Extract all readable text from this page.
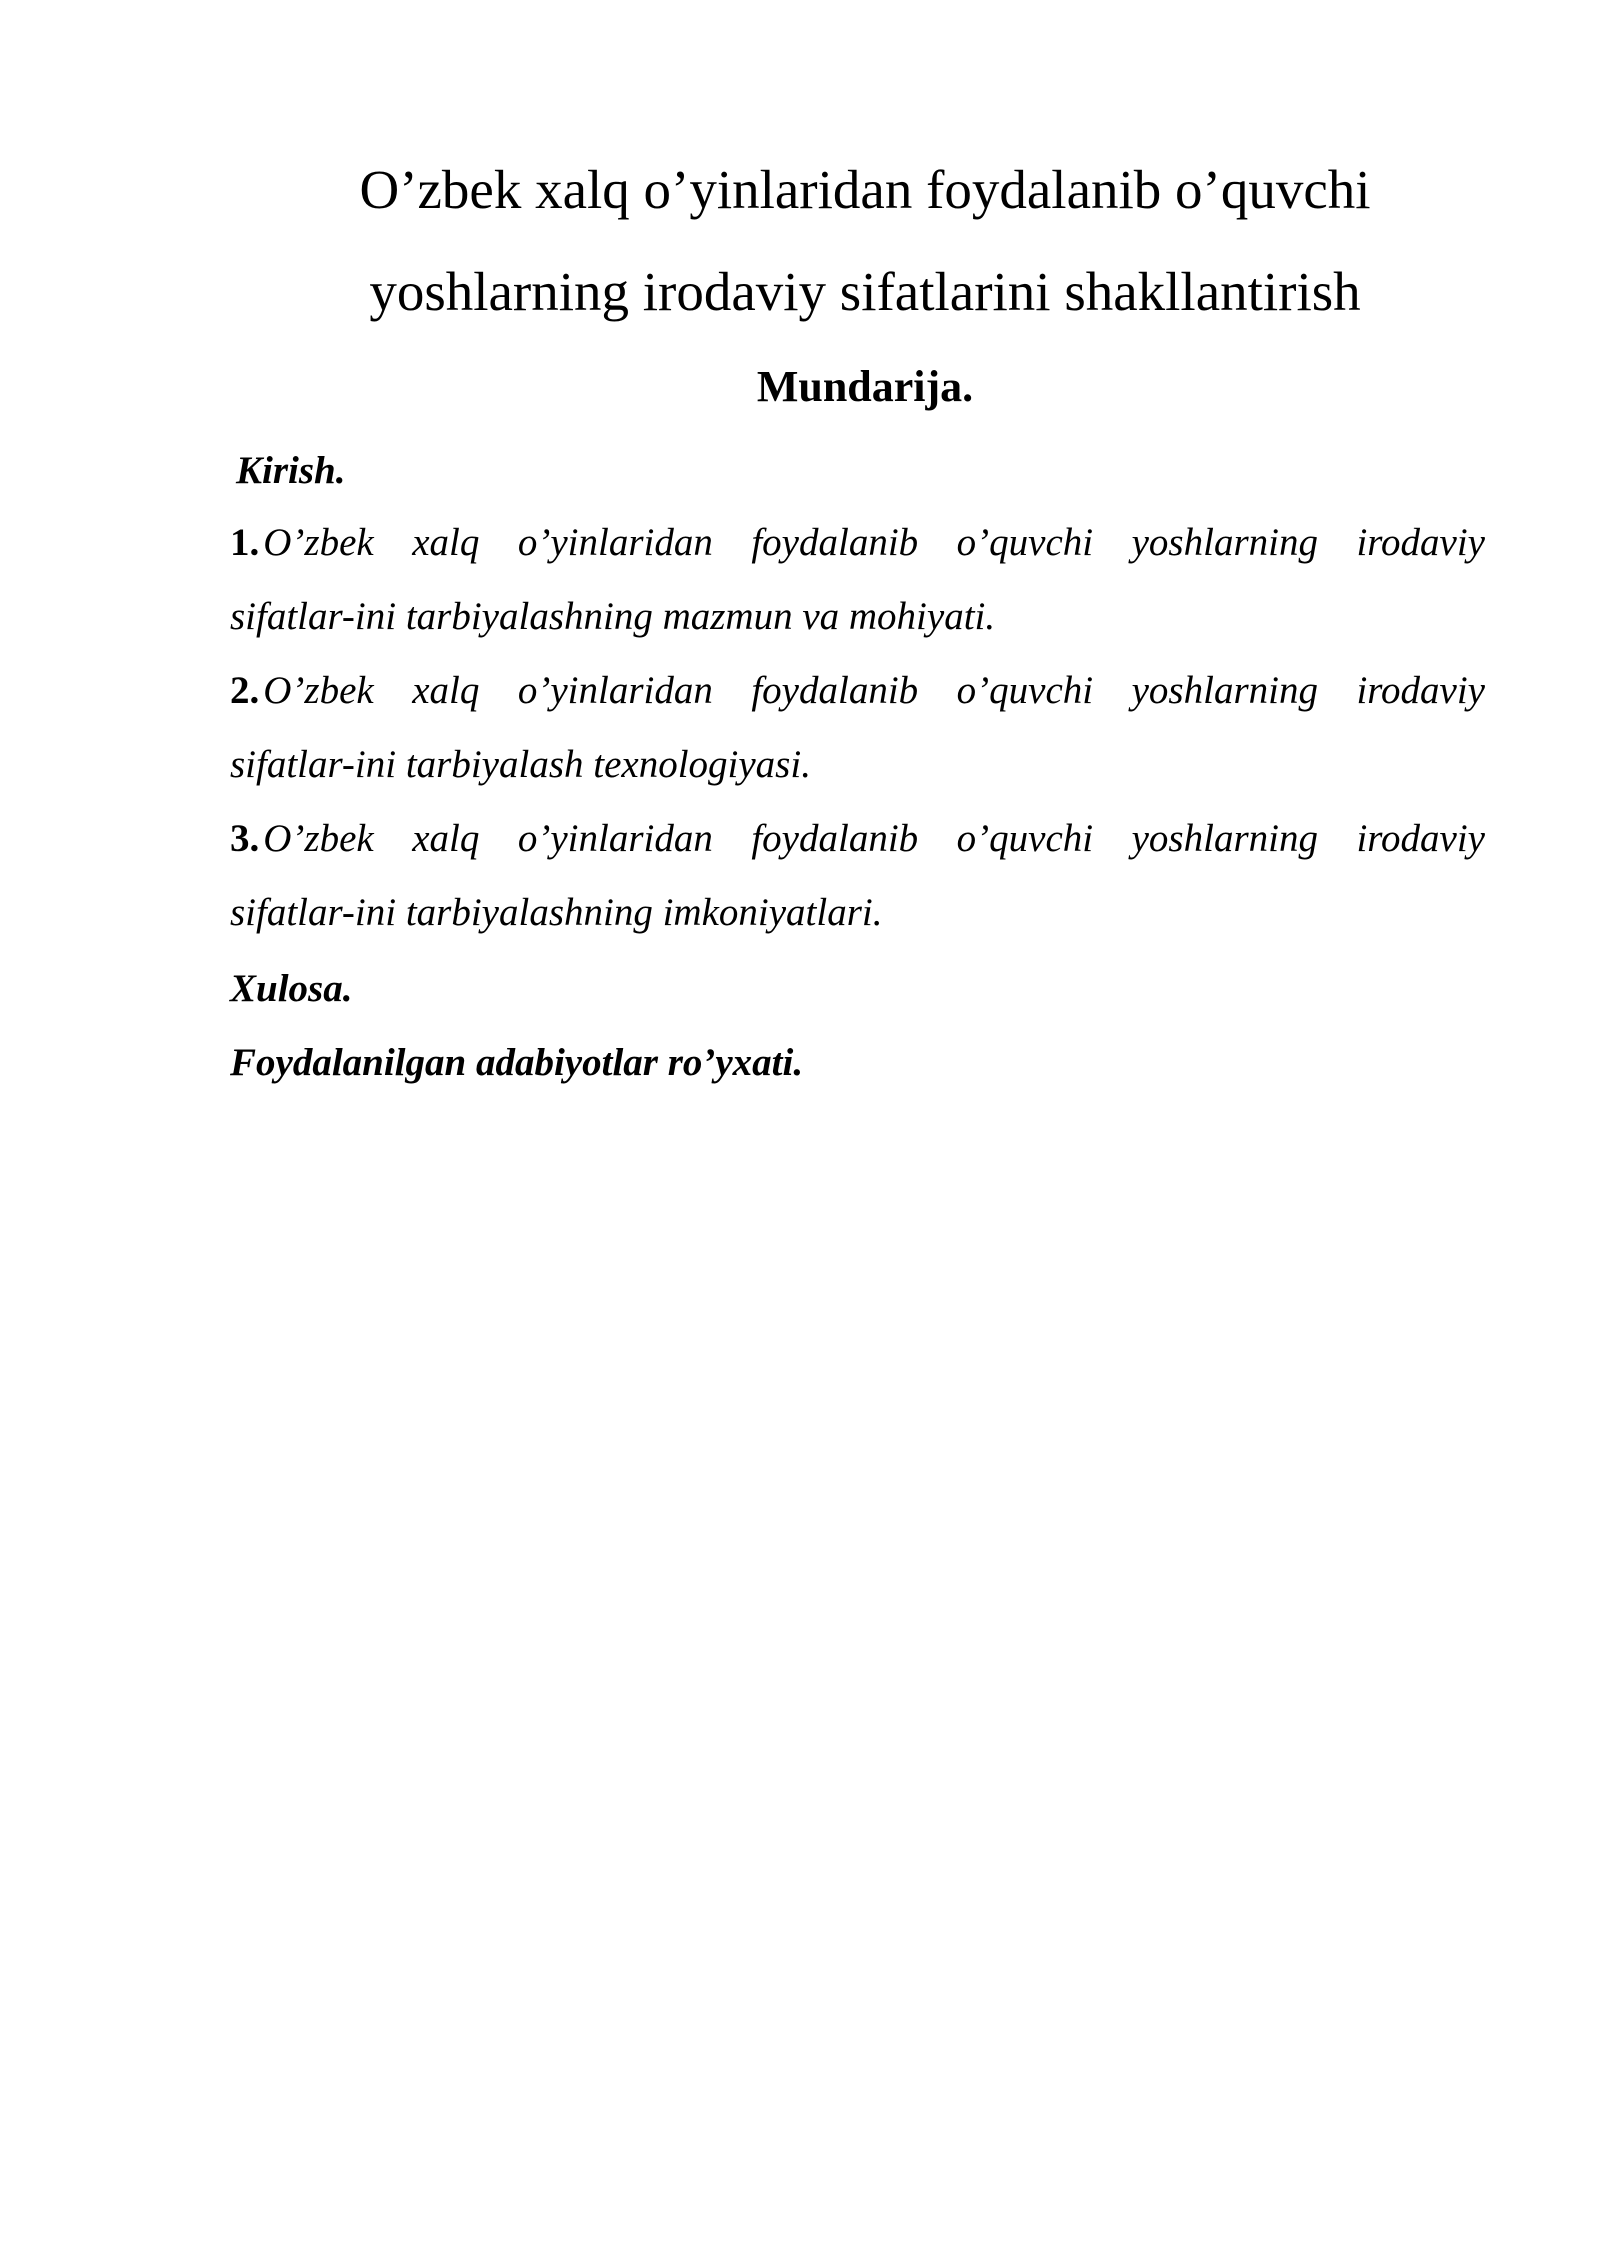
O’zbek xalq o’yinlaridan foydalanib o’quvchi
yoshlarning irodaviy sifatlarini shakllantirish
Mundarija.
Kirish.
1. O’zbek xalq o’yinlaridan foydalanib o’quvchi yoshlarning irodaviy
sifatlar-ini tarbiyalashning mazmun va mohiyati.
2. O’zbek xalq o’yinlaridan foydalanib o’quvchi yoshlarning irodaviy
sifatlar-ini tarbiyalash texnologiyasi.
3. O’zbek xalq o’yinlaridan foydalanib o’quvchi yoshlarning irodaviy
sifatlar-ini tarbiyalashning imkoniyatlari.
Xulosa.
Foydalanilgan adabiyotlar ro’yxati.
